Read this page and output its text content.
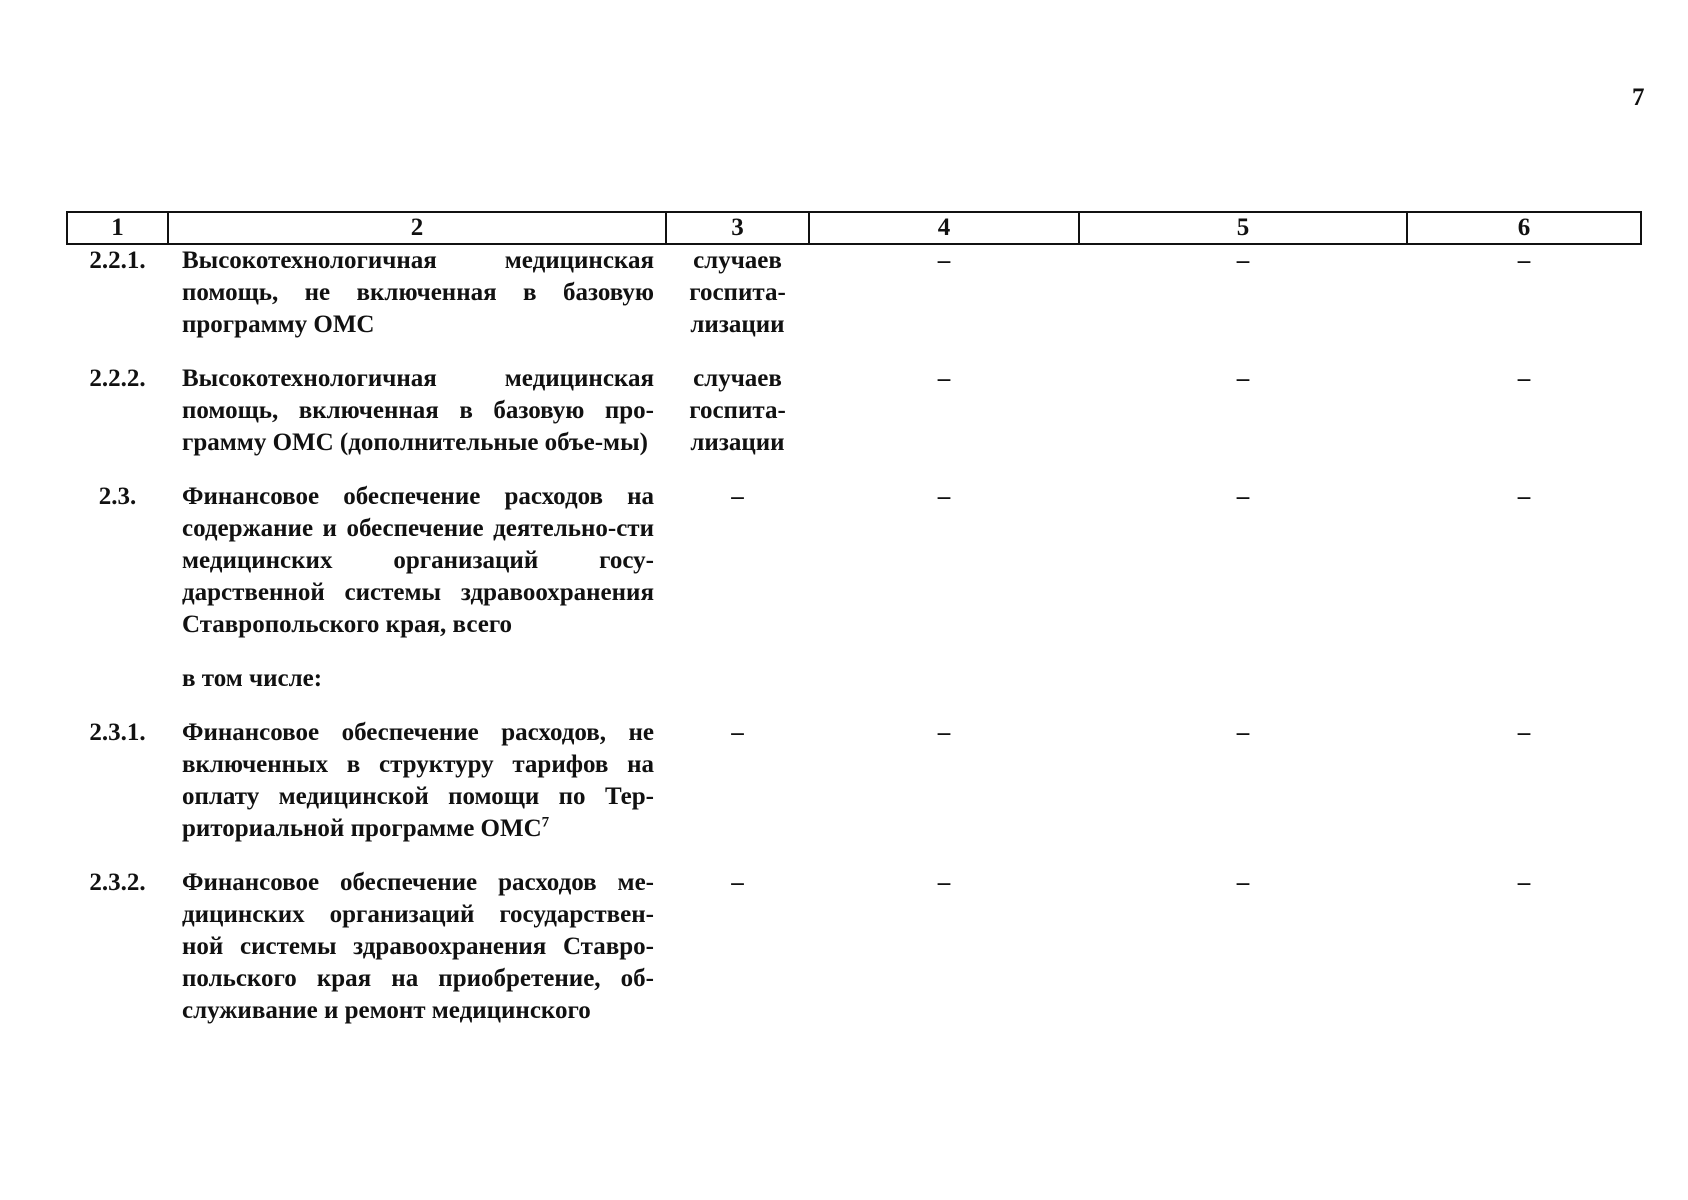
7
1	2	3	4	5	6
2.2.1.	Высокотехнологичная медицинская помощь, не включенная в базовую программу ОМС	случаев госпита-лизации	–	–	–
2.2.2.	Высокотехнологичная медицинская помощь, включенная в базовую про-грамму ОМС (дополнительные объе-мы)	случаев госпита-лизации	–	–	–
2.3.	Финансовое обеспечение расходов на содержание и обеспечение деятельно-сти медицинских организаций госу-дарственной системы здравоохранения Ставропольского края, всего	–	–	–	–
	в том числе:				
2.3.1.	Финансовое обеспечение расходов, не включенных в структуру тарифов на оплату медицинской помощи по Тер-риториальной программе ОМС$^7$	–	–	–	–
2.3.2.	Финансовое обеспечение расходов ме-дицинских организаций государствен-ной системы здравоохранения Ставро-польского края на приобретение, об-служивание и ремонт медицинского	–	–	–	–
